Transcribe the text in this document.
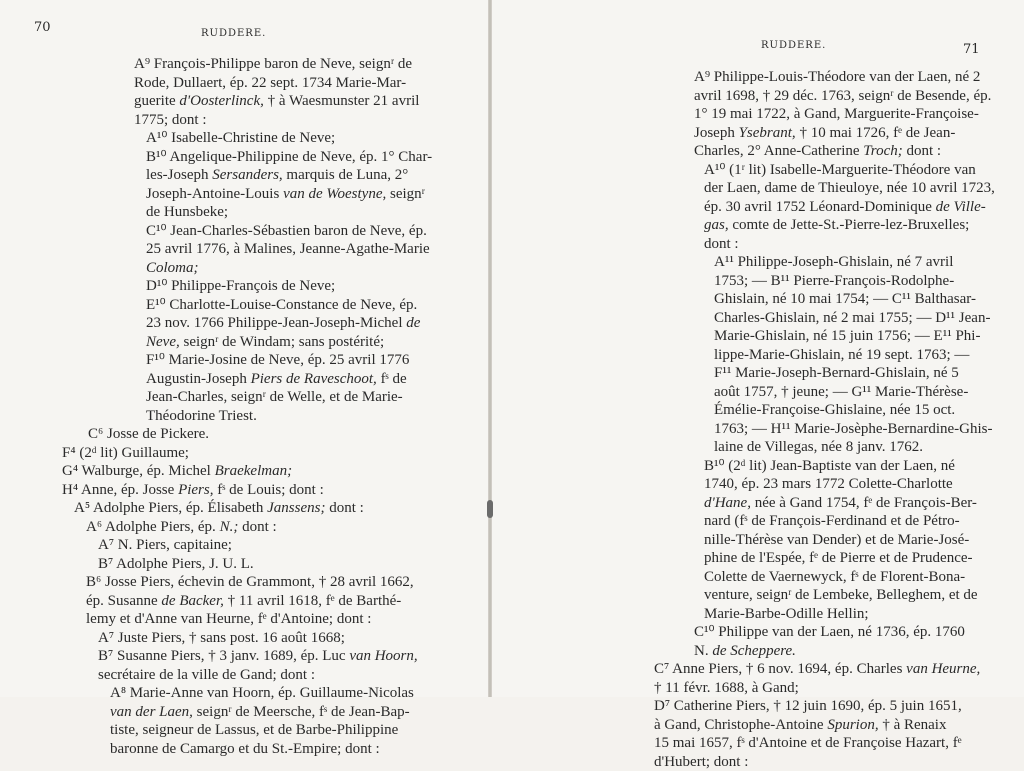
70	RUDDERE.
71
RUDDERE.
A⁹ François-Philippe baron de Neve, seignʳ de
Rode, Dullaert, ép. 22 sept. 1734 Marie-Mar-
guerite d'Oosterlinck, † à Waesmunster 21 avril
1775; dont :
A¹⁰ Isabelle-Christine de Neve;
B¹⁰ Angelique-Philippine de Neve, ép. 1° Char-
les-Joseph Sersanders, marquis de Luna, 2°
Joseph-Antoine-Louis van de Woestyne, seignʳ
de Hunsbeke;
C¹⁰ Jean-Charles-Sébastien baron de Neve, ép.
25 avril 1776, à Malines, Jeanne-Agathe-Marie
Coloma;
D¹⁰ Philippe-François de Neve;
E¹⁰ Charlotte-Louise-Constance de Neve, ép.
23 nov. 1766 Philippe-Jean-Joseph-Michel de
Neve, seignʳ de Windam; sans postérité;
F¹⁰ Marie-Josine de Neve, ép. 25 avril 1776
Augustin-Joseph Piers de Raveschoot, fˢ de
Jean-Charles, seignʳ de Welle, et de Marie-
Théodorine Triest.
C⁶ Josse de Pickere.
F⁴ (2ᵈ lit) Guillaume;
G⁴ Walburge, ép. Michel Braekelman;
H⁴ Anne, ép. Josse Piers, fˢ de Louis; dont :
A⁵ Adolphe Piers, ép. Élisabeth Janssens; dont :
A⁶ Adolphe Piers, ép. N.; dont :
A⁷ N. Piers, capitaine;
B⁷ Adolphe Piers, J. U. L.
B⁶ Josse Piers, échevin de Grammont, † 28 avril 1662,
ép. Susanne de Backer, † 11 avril 1618, fᵉ de Barthé-
lemy et d'Anne van Heurne, fᵉ d'Antoine; dont :
A⁷ Juste Piers, † sans post. 16 août 1668;
B⁷ Susanne Piers, † 3 janv. 1689, ép. Luc van Hoorn,
secrétaire de la ville de Gand; dont :
A⁸ Marie-Anne van Hoorn, ép. Guillaume-Nicolas
van der Laen, seignʳ de Meersche, fˢ de Jean-Bap-
tiste, seigneur de Lassus, et de Barbe-Philippine
baronne de Camargo et du St.-Empire; dont :
A⁹ Philippe-Louis-Théodore van der Laen, né 2
avril 1698, † 29 déc. 1763, seignʳ de Besende, ép.
1° 19 mai 1722, à Gand, Marguerite-Françoise-
Joseph Ysebrant, † 10 mai 1726, fᵉ de Jean-
Charles, 2° Anne-Catherine Troch; dont :
A¹⁰ (1ʳ lit) Isabelle-Marguerite-Théodore van
der Laen, dame de Thieuloye, née 10 avril 1723,
ép. 30 avril 1752 Léonard-Dominique de Ville-
gas, comte de Jette-St.-Pierre-lez-Bruxelles;
dont :
A¹¹ Philippe-Joseph-Ghislain, né 7 avril
1753; — B¹¹ Pierre-François-Rodolphe-
Ghislain, né 10 mai 1754; — C¹¹ Balthasar-
Charles-Ghislain, né 2 mai 1755; — D¹¹ Jean-
Marie-Ghislain, né 15 juin 1756; — E¹¹ Phi-
lippe-Marie-Ghislain, né 19 sept. 1763; —
F¹¹ Marie-Joseph-Bernard-Ghislain, né 5
août 1757, † jeune; — G¹¹ Marie-Thérèse-
Émélie-Françoise-Ghislaine, née 15 oct.
1763; — H¹¹ Marie-Josèphe-Bernardine-Ghis-
laine de Villegas, née 8 janv. 1762.
B¹⁰ (2ᵈ lit) Jean-Baptiste van der Laen, né
1740, ép. 23 mars 1772 Colette-Charlotte
d'Hane, née à Gand 1754, fᵉ de François-Ber-
nard (fˢ de François-Ferdinand et de Pétro-
nille-Thérèse van Dender) et de Marie-José-
phine de l'Espée, fᵉ de Pierre et de Prudence-
Colette de Vaernewyck, fˢ de Florent-Bona-
venture, seignʳ de Lembeke, Belleghem, et de
Marie-Barbe-Odille Hellin;
C¹⁰ Philippe van der Laen, né 1736, ép. 1760
N. de Scheppere.
C⁷ Anne Piers, † 6 nov. 1694, ép. Charles van Heurne,
† 11 févr. 1688, à Gand;
D⁷ Catherine Piers, † 12 juin 1690, ép. 5 juin 1651,
à Gand, Christophe-Antoine Spurion, † à Renaix
15 mai 1657, fˢ d'Antoine et de Françoise Hazart, fᵉ
d'Hubert; dont :
